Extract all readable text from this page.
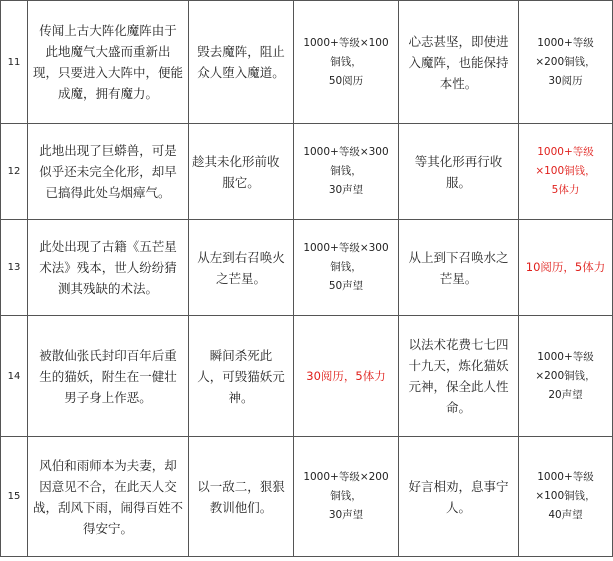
11	传闻上古大阵化魔阵由于
此地魔气大盛而重新出
现，只要进入大阵中，便能
成魔，拥有魔力。	毁去魔阵，阻止
众人堕入魔道。	1000+等级×100
铜钱，
50阅历	心志甚坚，即使进
入魔阵，也能保持
本性。	1000+等级
×200铜钱，
30阅历

12	此地出现了巨蟒兽，可是
似乎还未完全化形，却早
已搞得此处乌烟瘴气。	趁其未化形前收
服它。	1000+等级×300
铜钱，
30声望	等其化形再行收
服。	1000+等级
×100铜钱，
5体力

13	此处出现了古籍《五芒星
术法》残本，世人纷纷猜
测其残缺的术法。	从左到右召唤火
之芒星。	1000+等级×300
铜钱，
50声望	从上到下召唤水之
芒星。	10阅历，5体力

14	被散仙张氏封印百年后重
生的猫妖，附生在一健壮
男子身上作恶。	瞬间杀死此
人，可毁猫妖元
神。	30阅历，5体力	以法术花费七七四
十九天，炼化猫妖
元神，保全此人性
命。	1000+等级
×200铜钱，
20声望

15	风伯和雨师本为夫妻，却
因意见不合，在此天人交
战，刮风下雨，闹得百姓不
得安宁。	以一敌二，狠狠
教训他们。	1000+等级×200
铜钱，
30声望	好言相劝，息事宁
人。	1000+等级
×100铜钱，
40声望
